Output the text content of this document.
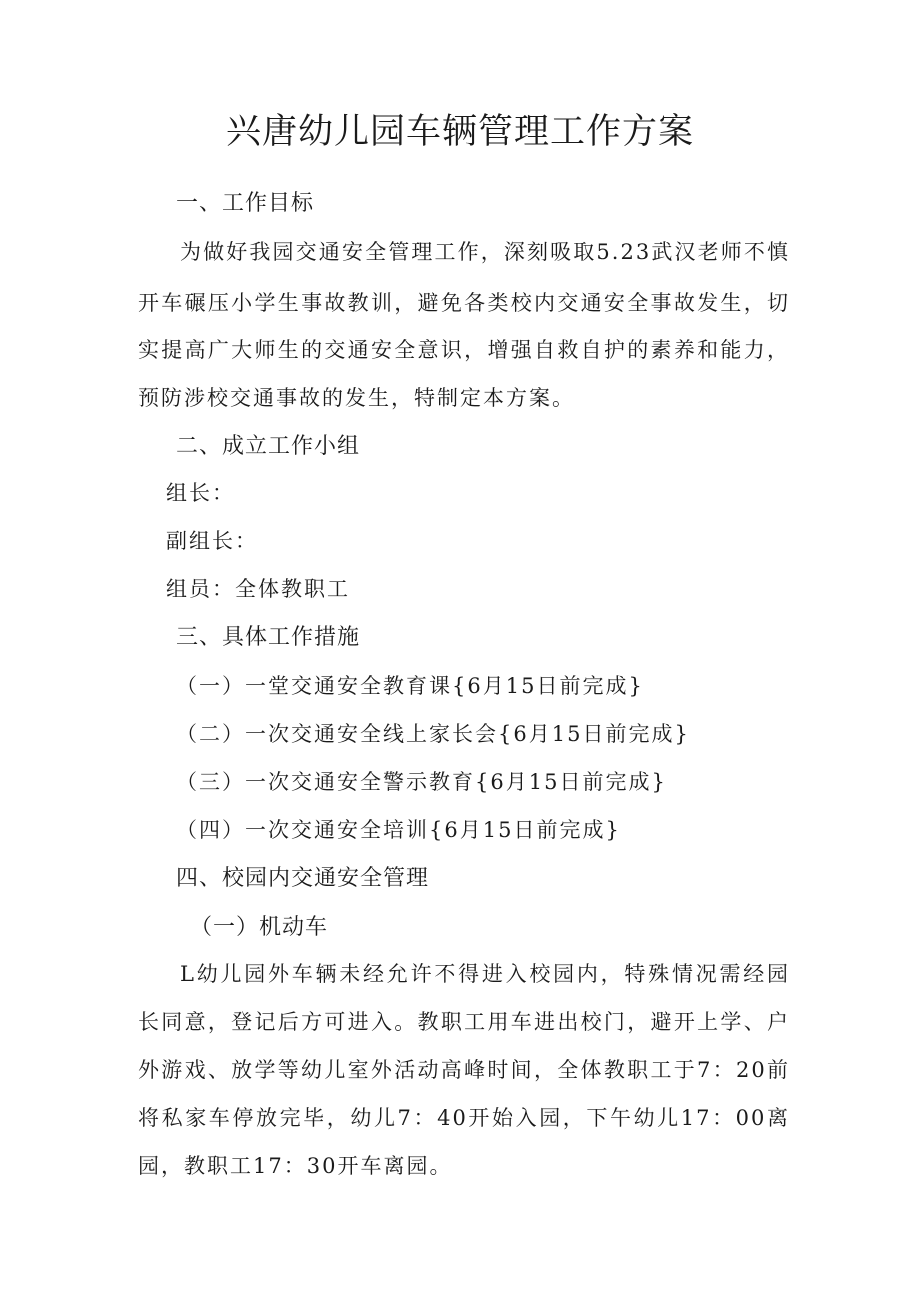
兴唐幼儿园车辆管理工作方案
一、工作目标
为做好我园交通安全管理工作，深刻吸取5.23武汉老师不慎
开车碾压小学生事故教训，避免各类校内交通安全事故发生，切
实提高广大师生的交通安全意识，增强自救自护的素养和能力，
预防涉校交通事故的发生，特制定本方案。
二、成立工作小组
组长：
副组长：
组员：全体教职工
三、具体工作措施
（一）一堂交通安全教育课{6月15日前完成}
（二）一次交通安全线上家长会{6月15日前完成}
（三）一次交通安全警示教育{6月15日前完成}
（四）一次交通安全培训{6月15日前完成}
四、校园内交通安全管理
（一）机动车
L幼儿园外车辆未经允许不得进入校园内，特殊情况需经园
长同意，登记后方可进入。教职工用车进出校门，避开上学、户
外游戏、放学等幼儿室外活动高峰时间，全体教职工于7：20前
将私家车停放完毕，幼儿7：40开始入园，下午幼儿17：00离
园，教职工17：30开车离园。
